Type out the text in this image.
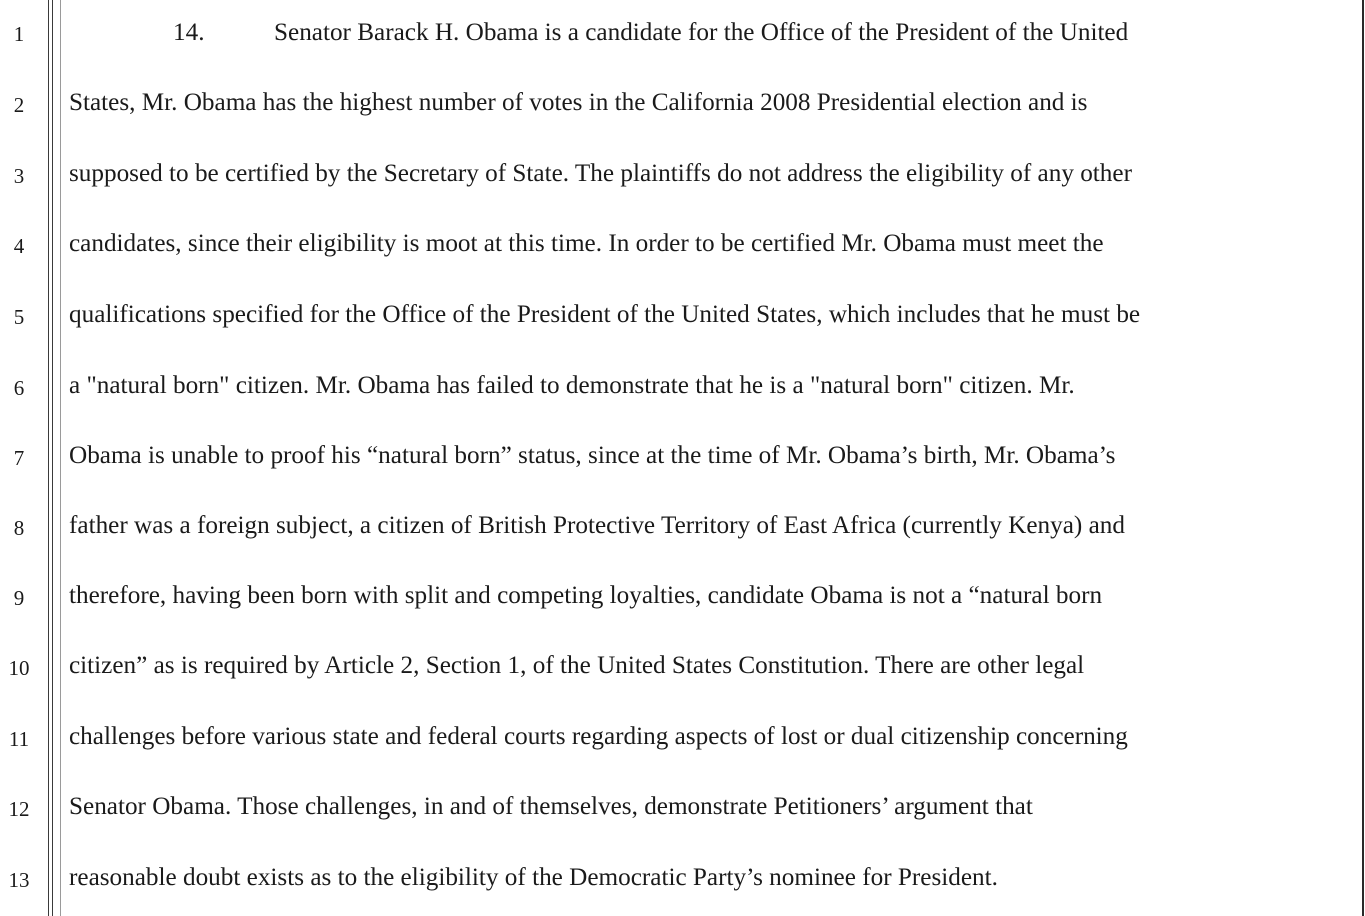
1
2
3
4
5
6
7
8
9
10
11
12
13
14.	Senator Barack H. Obama is a candidate for the Office of the President of the United
States, Mr. Obama has the highest number of votes in the California 2008 Presidential election and is
supposed to be certified by the Secretary of State. The plaintiffs do not address the eligibility of any other
candidates, since their eligibility is moot at this time. In order to be certified Mr. Obama must meet the
qualifications specified for the Office of the President of the United States, which includes that he must be
a "natural born" citizen. Mr. Obama has failed to demonstrate that he is a "natural born" citizen. Mr.
Obama is unable to proof his “natural born” status, since at the time of Mr. Obama’s birth, Mr. Obama’s
father was a foreign subject, a citizen of British Protective Territory of East Africa (currently Kenya) and
therefore, having been born with split and competing loyalties, candidate Obama is not a “natural born
citizen” as is required by Article 2, Section 1, of the United States Constitution. There are other legal
challenges before various state and federal courts regarding aspects of lost or dual citizenship concerning
Senator Obama. Those challenges, in and of themselves, demonstrate Petitioners’ argument that
reasonable doubt exists as to the eligibility of the Democratic Party’s nominee for President.
